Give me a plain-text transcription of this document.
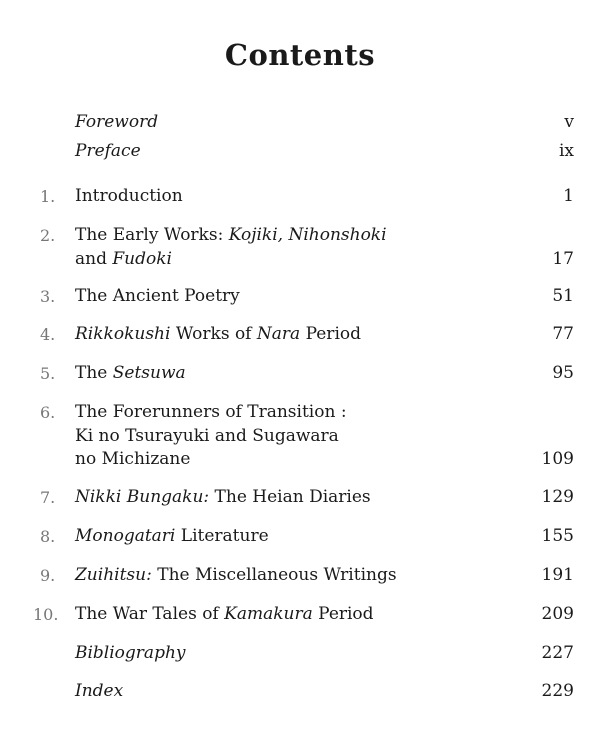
Contents
Foreword	v
Preface	ix
1. Introduction	1
2. The Early Works: Kojiki, Nihonshoki
and Fudoki	17
3. The Ancient Poetry	51
4. Rikkokushi Works of Nara Period	77
5. The Setsuwa	95
6. The Forerunners of Transition :
Ki no Tsurayuki and Sugawara
no Michizane	109
7. Nikki Bungaku: The Heian Diaries	129
8. Monogatari Literature	155
9. Zuihitsu: The Miscellaneous Writings	191
10. The War Tales of Kamakura Period	209
Bibliography	227
Index	229
